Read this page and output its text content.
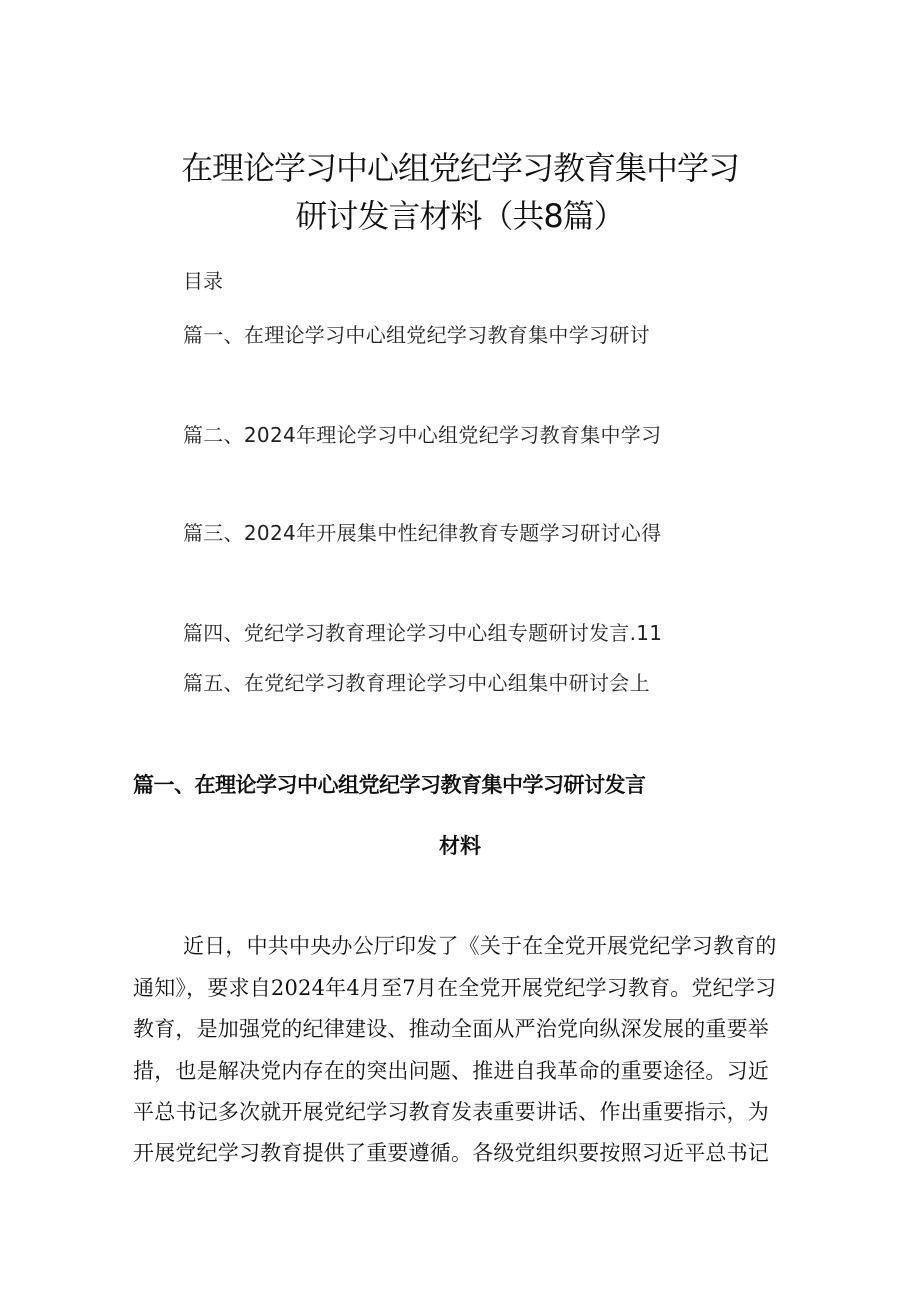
在理论学习中心组党纪学习教育集中学习
研讨发言材料（共8篇）
目录
篇一、在理论学习中心组党纪学习教育集中学习研讨
篇二、2024年理论学习中心组党纪学习教育集中学习
篇三、2024年开展集中性纪律教育专题学习研讨心得
篇四、党纪学习教育理论学习中心组专题研讨发言.11
篇五、在党纪学习教育理论学习中心组集中研讨会上
篇一、在理论学习中心组党纪学习教育集中学习研讨发言
材料
近日，中共中央办公厅印发了《关于在全党开展党纪学习教育的
通知》，要求自2024年4月至7月在全党开展党纪学习教育。党纪学习
教育，是加强党的纪律建设、推动全面从严治党向纵深发展的重要举
措，也是解决党内存在的突出问题、推进自我革命的重要途径。习近
平总书记多次就开展党纪学习教育发表重要讲话、作出重要指示，为
开展党纪学习教育提供了重要遵循。各级党组织要按照习近平总书记
